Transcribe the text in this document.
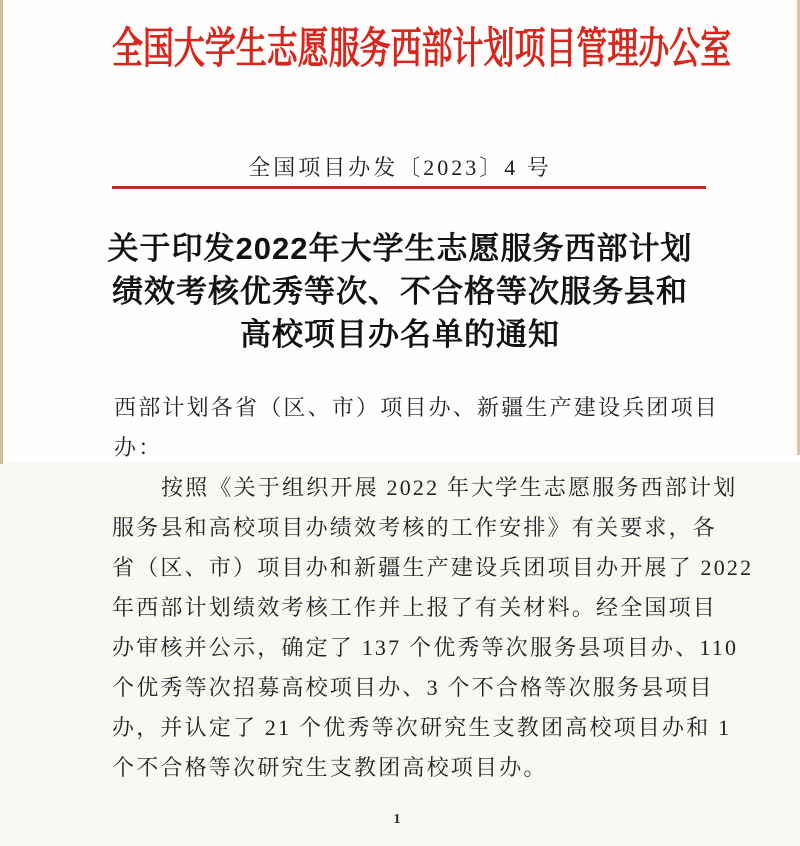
全国大学生志愿服务西部计划项目管理办公室
全国项目办发〔2023〕4 号
关于印发2022年大学生志愿服务西部计划
绩效考核优秀等次、不合格等次服务县和
高校项目办名单的通知
西部计划各省（区、市）项目办、新疆生产建设兵团项目
办：
按照《关于组织开展 2022 年大学生志愿服务西部计划
服务县和高校项目办绩效考核的工作安排》有关要求，各
省（区、市）项目办和新疆生产建设兵团项目办开展了 2022
年西部计划绩效考核工作并上报了有关材料。经全国项目
办审核并公示，确定了 137 个优秀等次服务县项目办、110
个优秀等次招募高校项目办、3 个不合格等次服务县项目
办，并认定了 21 个优秀等次研究生支教团高校项目办和 1
个不合格等次研究生支教团高校项目办。
1
